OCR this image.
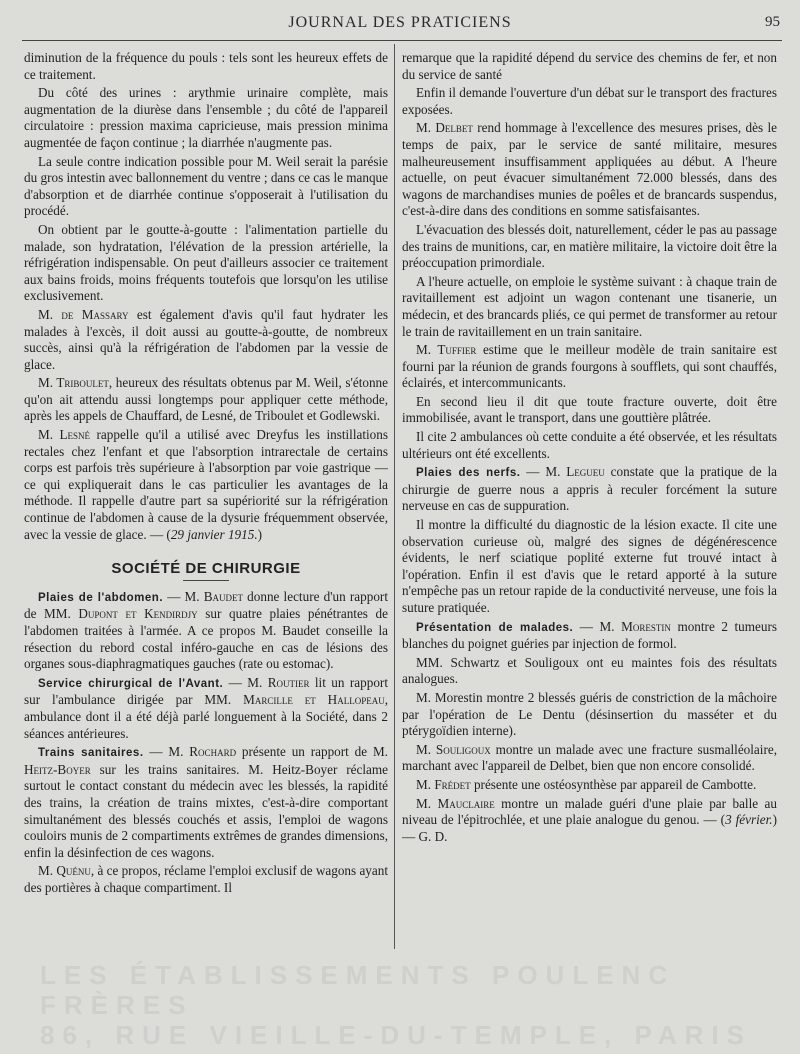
JOURNAL DES PRATICIENS	95

diminution de la fréquence du pouls : tels sont les heureux effets de ce traitement.

Du côté des urines : arythmie urinaire complète, mais augmentation de la diurèse dans l'ensemble ; du côté de l'appareil circulatoire : pression maxima capricieuse, mais pression minima augmentée de façon continue ; la diarrhée n'augmente pas.

La seule contre indication possible pour M. Weil serait la parésie du gros intestin avec ballonnement du ventre ; dans ce cas le manque d'absorption et de diarrhée continue s'opposerait à l'utilisation du procédé.

On obtient par le goutte-à-goutte : l'alimentation partielle du malade, son hydratation, l'élévation de la pression artérielle, la réfrigération indispensable. On peut d'ailleurs associer ce traitement aux bains froids, moins fréquents toutefois que lorsqu'on les utilise exclusivement.

M. de Massary est également d'avis qu'il faut hydrater les malades à l'excès, il doit aussi au goutte-à-goutte, de nombreux succès, ainsi qu'à la réfrigération de l'abdomen par la vessie de glace.

M. Triboulet, heureux des résultats obtenus par M. Weil, s'étonne qu'on ait attendu aussi longtemps pour appliquer cette méthode, après les appels de Chauffard, de Lesné, de Triboulet et Godlewski.

M. Lesné rappelle qu'il a utilisé avec Dreyfus les instillations rectales chez l'enfant et que l'absorption intrarectale de certains corps est parfois très supérieure à l'absorption par voie gastrique — ce qui expliquerait dans le cas particulier les avantages de la méthode. Il rappelle d'autre part sa supériorité sur la réfrigération continue de l'abdomen à cause de la dysurie fréquemment observée, avec la vessie de glace. — (29 janvier 1915.)

SOCIÉTÉ DE CHIRURGIE

Plaies de l'abdomen. — M. Baudet donne lecture d'un rapport de MM. Dupont et Kendirdjy sur quatre plaies pénétrantes de l'abdomen traitées à l'armée. A ce propos M. Baudet conseille la résection du rebord costal inféro-gauche en cas de lésions des organes sous-diaphragmatiques gauches (rate ou estomac).

Service chirurgical de l'Avant. — M. Routier lit un rapport sur l'ambulance dirigée par MM. Marcille et Hallopeau, ambulance dont il a été déjà parlé longuement à la Société, dans 2 séances antérieures.

Trains sanitaires. — M. Rochard présente un rapport de M. Heitz-Boyer sur les trains sanitaires. M. Heitz-Boyer réclame surtout le contact constant du médecin avec les blessés, la rapidité des trains, la création de trains mixtes, c'est-à-dire comportant simultanément des blessés couchés et assis, l'emploi de wagons couloirs munis de 2 compartiments extrêmes de grandes dimensions, enfin la désinfection de ces wagons.

M. Quénu, à ce propos, réclame l'emploi exclusif de wagons ayant des portières à chaque compartiment. Il

remarque que la rapidité dépend du service des chemins de fer, et non du service de santé

Enfin il demande l'ouverture d'un débat sur le transport des fractures exposées.

M. Delbet rend hommage à l'excellence des mesures prises, dès le temps de paix, par le service de santé militaire, mesures malheureusement insuffisamment appliquées au début. A l'heure actuelle, on peut évacuer simultanément 72.000 blessés, dans des wagons de marchandises munies de poêles et de brancards suspendus, c'est-à-dire dans des conditions en somme satisfaisantes.

L'évacuation des blessés doit, naturellement, céder le pas au passage des trains de munitions, car, en matière militaire, la victoire doit être la préoccupation primordiale.

A l'heure actuelle, on emploie le système suivant : à chaque train de ravitaillement est adjoint un wagon contenant une tisanerie, un médecin, et des brancards pliés, ce qui permet de transformer au retour le train de ravitaillement en un train sanitaire.

M. Tuffier estime que le meilleur modèle de train sanitaire est fourni par la réunion de grands fourgons à soufflets, qui sont chauffés, éclairés, et intercommunicants.

En second lieu il dit que toute fracture ouverte, doit être immobilisée, avant le transport, dans une gouttière plâtrée.

Il cite 2 ambulances où cette conduite a été observée, et les résultats ultérieurs ont été excellents.

Plaies des nerfs. — M. Legueu constate que la pratique de la chirurgie de guerre nous a appris à reculer forcément la suture nerveuse en cas de suppuration.

Il montre la difficulté du diagnostic de la lésion exacte. Il cite une observation curieuse où, malgré des signes de dégénérescence évidents, le nerf sciatique poplité externe fut trouvé intact à l'opération. Enfin il est d'avis que le retard apporté à la suture n'empêche pas un retour rapide de la conductivité nerveuse, une fois la suture pratiquée.

Présentation de malades. — M. Morestin montre 2 tumeurs blanches du poignet guéries par injection de formol.

MM. Schwartz et Souligoux ont eu maintes fois des résultats analogues.

M. Morestin montre 2 blessés guéris de constriction de la mâchoire par l'opération de Le Dentu (désinsertion du masséter et du ptérygoïdien interne).

M. Souligoux montre un malade avec une fracture susmalléolaire, marchant avec l'appareil de Delbet, bien que non encore consolidé.

M. Frédet présente une ostéosynthèse par appareil de Cambotte.

M. Mauclaire montre un malade guéri d'une plaie par balle au niveau de l'épitrochlée, et une plaie analogue du genou. — (3 février.) — G. D.

LES ÉTABLISSEMENTS POULENC FRÈRES
86, RUE VIEILLE-DU-TEMPLE, PARIS
